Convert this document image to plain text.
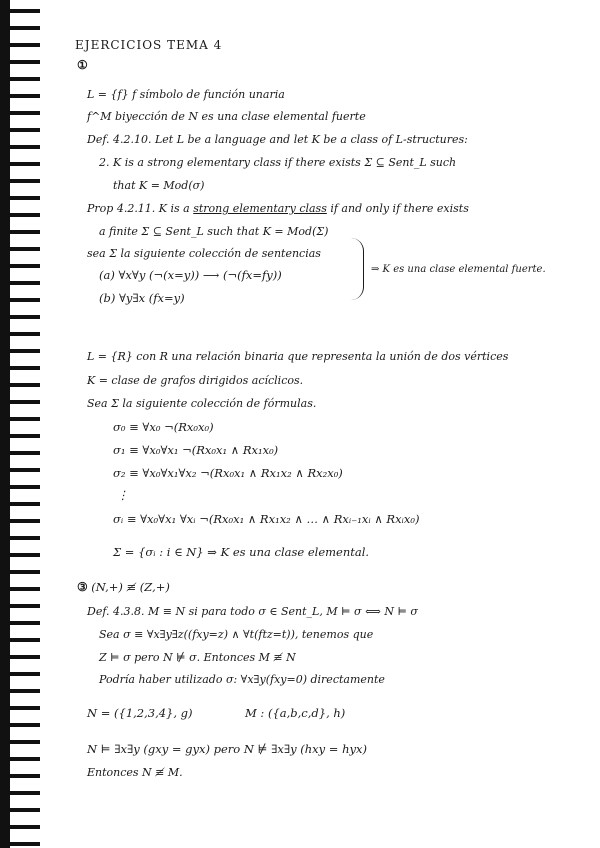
EJERCICIOS TEMA 4
①
L = {f} f símbolo de función unaria
f^M biyección de N es una clase elemental fuerte
Def. 4.2.10. Let L be a language and let K be a class of L-structures:
2. K is a strong elementary class if there exists Σ ⊆ Sent_L such
that K = Mod(σ)
Prop 4.2.11. K is a strong elementary class if and only if there exists
a finite Σ ⊆ Sent_L such that K = Mod(Σ)
sea Σ la siguiente colección de sentencias
(a) ∀x∀y (¬(x=y)) ⟶ (¬(fx=fy))
(b) ∀y∃x (fx=y)
⇒ K es una clase elemental fuerte.
L = {R} con R una relación binaria que representa la unión de dos vértices
K = clase de grafos dirigidos acíclicos.
Sea Σ la siguiente colección de fórmulas.
σ₀ ≡ ∀x₀ ¬(Rx₀x₀)
σ₁ ≡ ∀x₀∀x₁ ¬(Rx₀x₁ ∧ Rx₁x₀)
σ₂ ≡ ∀x₀∀x₁∀x₂ ¬(Rx₀x₁ ∧ Rx₁x₂ ∧ Rx₂x₀)
⋮
σᵢ ≡ ∀x₀∀x₁ ∀xᵢ ¬(Rx₀x₁ ∧ Rx₁x₂ ∧ … ∧ Rxᵢ₋₁xᵢ ∧ Rxᵢx₀)
Σ = {σᵢ : i ∈ N} ⇒ K es una clase elemental.
③ (N,+) ≢ (Z,+)
Def. 4.3.8. M ≡ N si para todo σ ∈ Sent_L, M ⊨ σ ⟺ N ⊨ σ
Sea σ ≡ ∀x∃y∃z((fxy=z) ∧ ∀t(ftz=t)), tenemos que
Z ⊨ σ pero N ⊭ σ. Entonces M ≢ N
Podría haber utilizado σ: ∀x∃y(fxy=0) directamente
N = ({1,2,3,4}, g)	M : ({a,b,c,d}, h)
N ⊨ ∃x∃y (gxy = gyx) pero N ⊭ ∃x∃y (hxy = hyx)
Entonces N ≢ M.
